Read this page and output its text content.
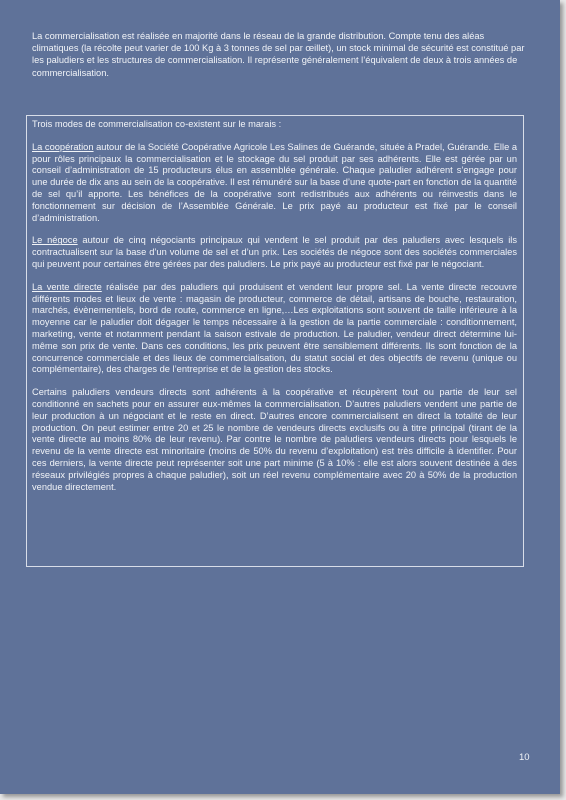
La commercialisation est réalisée en majorité dans le réseau de la grande distribution. Compte tenu des aléas climatiques (la récolte peut varier de 100 Kg à 3 tonnes de sel par œillet), un stock minimal de sécurité est constitué par les paludiers et les structures de commercialisation. Il représente généralement l’équivalent de deux à trois années de commercialisation.

Trois modes de commercialisation co-existent sur le marais :

La coopération autour de la Société Coopérative Agricole Les Salines de Guérande, située à Pradel, Guérande. Elle a pour rôles principaux la commercialisation et le stockage du sel produit par ses adhérents. Elle est gérée par un conseil d’administration de 15 producteurs élus en assemblée générale. Chaque paludier adhérent s’engage pour une durée de dix ans au sein de la coopérative. Il est rémunéré sur la base d’une quote-part en fonction de la quantité de sel qu’il apporte. Les bénéfices de la coopérative sont redistribués aux adhérents ou réinvestis dans le fonctionnement sur décision de l’Assemblée Générale. Le prix payé au producteur est fixé par le conseil d’administration.

Le négoce autour de cinq négociants principaux qui vendent le sel produit par des paludiers avec lesquels ils contractualisent sur la base d’un volume de sel et d’un prix. Les sociétés de négoce sont des sociétés commerciales qui peuvent pour certaines être gérées par des paludiers. Le prix payé au producteur est fixé par le négociant.

La vente directe réalisée par des paludiers qui produisent et vendent leur propre sel. La vente directe recouvre différents modes et lieux de vente : magasin de producteur, commerce de détail, artisans de bouche, restauration, marchés, évènementiels, bord de route, commerce en ligne,…Les exploitations sont souvent de taille inférieure à la moyenne car le paludier doit dégager le temps nécessaire à la gestion de la partie commerciale : conditionnement, marketing, vente et notamment pendant la saison estivale de production. Le paludier, vendeur direct détermine lui-même son prix de vente. Dans ces conditions, les prix peuvent être sensiblement différents. Ils sont fonction de la concurrence commerciale et des lieux de commercialisation, du statut social et des objectifs de revenu (unique ou complémentaire), des charges de l’entreprise et de la gestion des stocks.

Certains paludiers vendeurs directs sont adhérents à la coopérative et récupèrent tout ou partie de leur sel conditionné en sachets pour en assurer eux-mêmes la commercialisation. D’autres paludiers vendent une partie de leur production à un négociant et le reste en direct. D’autres encore commercialisent en direct la totalité de leur production. On peut estimer entre 20 et 25 le nombre de vendeurs directs exclusifs ou à titre principal (tirant de la vente directe au moins 80% de leur revenu). Par contre le nombre de paludiers vendeurs directs pour lesquels le revenu de la vente directe est minoritaire (moins de 50% du revenu d’exploitation) est très difficile à identifier. Pour ces derniers, la vente directe peut représenter soit une part minime (5 à 10% : elle est alors souvent destinée à des réseaux privilégiés propres à chaque paludier), soit un réel revenu complémentaire avec 20 à 50% de la production vendue directement.

10
